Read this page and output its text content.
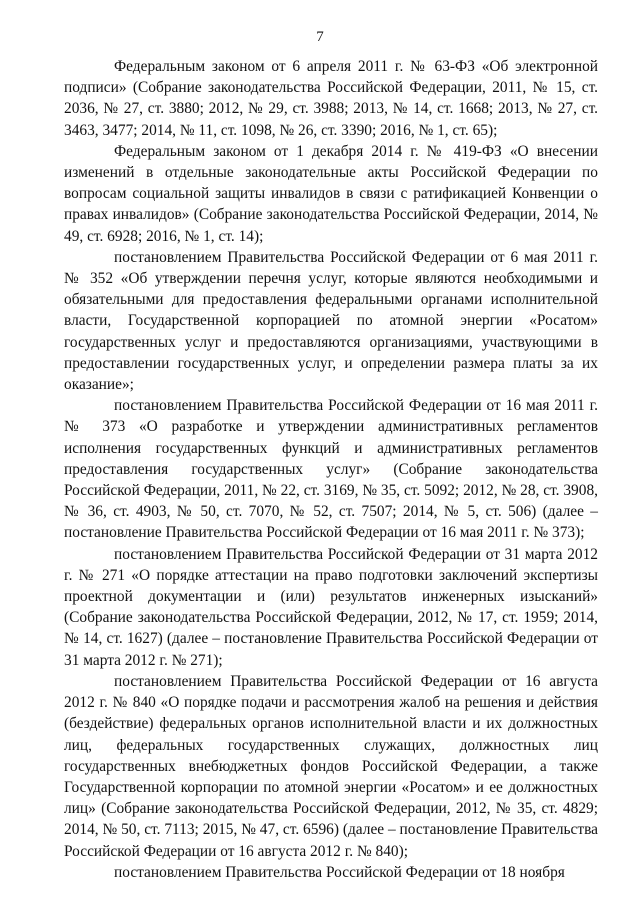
7

Федеральным законом от 6 апреля 2011 г. № 63-ФЗ «Об электронной подписи» (Собрание законодательства Российской Федерации, 2011, № 15, ст. 2036, № 27, ст. 3880; 2012, № 29, ст. 3988; 2013, № 14, ст. 1668; 2013, № 27, ст. 3463, 3477; 2014, № 11, ст. 1098, № 26, ст. 3390; 2016, № 1, ст. 65);

Федеральным законом от 1 декабря 2014 г. № 419-ФЗ «О внесении изменений в отдельные законодательные акты Российской Федерации по вопросам социальной защиты инвалидов в связи с ратификацией Конвенции о правах инвалидов» (Собрание законодательства Российской Федерации, 2014, № 49, ст. 6928; 2016, № 1, ст. 14);

постановлением Правительства Российской Федерации от 6 мая 2011 г. № 352 «Об утверждении перечня услуг, которые являются необходимыми и обязательными для предоставления федеральными органами исполнительной власти, Государственной корпорацией по атомной энергии «Росатом» государственных услуг и предоставляются организациями, участвующими в предоставлении государственных услуг, и определении размера платы за их оказание»;

постановлением Правительства Российской Федерации от 16 мая 2011 г. № 373 «О разработке и утверждении административных регламентов исполнения государственных функций и административных регламентов предоставления государственных услуг» (Собрание законодательства Российской Федерации, 2011, № 22, ст. 3169, № 35, ст. 5092; 2012, № 28, ст. 3908, № 36, ст. 4903, № 50, ст. 7070, № 52, ст. 7507; 2014, № 5, ст. 506) (далее – постановление Правительства Российской Федерации от 16 мая 2011 г. № 373);

постановлением Правительства Российской Федерации от 31 марта 2012 г. № 271 «О порядке аттестации на право подготовки заключений экспертизы проектной документации и (или) результатов инженерных изысканий» (Собрание законодательства Российской Федерации, 2012, № 17, ст. 1959; 2014, № 14, ст. 1627) (далее – постановление Правительства Российской Федерации от 31 марта 2012 г. № 271);

постановлением Правительства Российской Федерации от 16 августа 2012 г. № 840 «О порядке подачи и рассмотрения жалоб на решения и действия (бездействие) федеральных органов исполнительной власти и их должностных лиц, федеральных государственных служащих, должностных лиц государственных внебюджетных фондов Российской Федерации, а также Государственной корпорации по атомной энергии «Росатом» и ее должностных лиц» (Собрание законодательства Российской Федерации, 2012, № 35, ст. 4829; 2014, № 50, ст. 7113; 2015, № 47, ст. 6596) (далее – постановление Правительства Российской Федерации от 16 августа 2012 г. № 840);

постановлением Правительства Российской Федерации от 18 ноября
